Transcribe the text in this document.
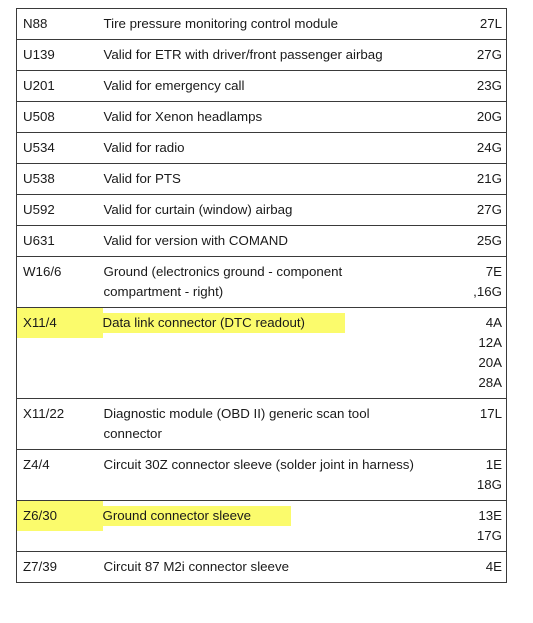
N88	Tire pressure monitoring control module	27L

U139	Valid for ETR with driver/front passenger airbag	27G

U201	Valid for emergency call	23G

U508	Valid for Xenon headlamps	20G

U534	Valid for radio	24G

U538	Valid for PTS	21G

U592	Valid for curtain (window) airbag	27G

U631	Valid for version with COMAND	25G

W16/6	Ground (electronics ground - component
compartment - right)	7E
,16G

X11/4	Data link connector (DTC readout)	4A
12A
20A
28A

X11/22	Diagnostic module (OBD II) generic scan tool
connector	17L

Z4/4	Circuit 30Z connector sleeve (solder joint in harness)	1E
18G

Z6/30	Ground connector sleeve	13E
17G

Z7/39	Circuit 87 M2i connector sleeve	4E
